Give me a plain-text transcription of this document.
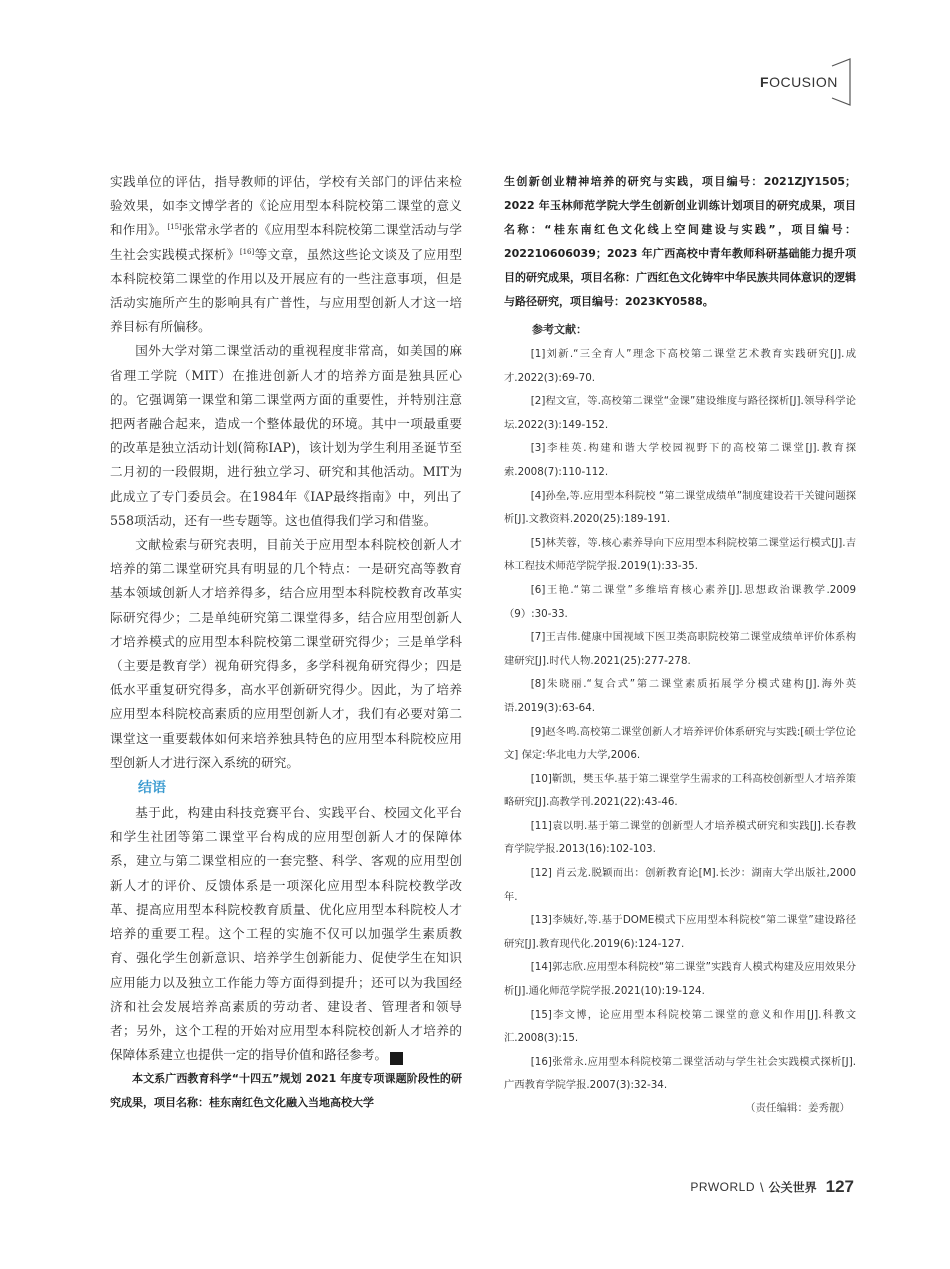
FOCUSION

实践单位的评估，指导教师的评估，学校有关部门的评估来检验效果，如李文博学者的《论应用型本科院校第二课堂的意义和作用》。[15]张常永学者的《应用型本科院校第二课堂活动与学生社会实践模式探析》[16]等文章，虽然这些论文谈及了应用型本科院校第二课堂的作用以及开展应有的一些注意事项，但是活动实施所产生的影响具有广普性，与应用型创新人才这一培养目标有所偏移。

国外大学对第二课堂活动的重视程度非常高，如美国的麻省理工学院（MIT）在推进创新人才的培养方面是独具匠心的。它强调第一课堂和第二课堂两方面的重要性，并特别注意把两者融合起来，造成一个整体最优的环境。其中一项最重要的改革是独立活动计划(简称IAP)，该计划为学生利用圣诞节至二月初的一段假期，进行独立学习、研究和其他活动。MIT为此成立了专门委员会。在1984年《IAP最终指南》中，列出了558项活动，还有一些专题等。这也值得我们学习和借鉴。

文献检索与研究表明，目前关于应用型本科院校创新人才培养的第二课堂研究具有明显的几个特点：一是研究高等教育基本领域创新人才培养得多，结合应用型本科院校教育改革实际研究得少；二是单纯研究第二课堂得多，结合应用型创新人才培养模式的应用型本科院校第二课堂研究得少；三是单学科（主要是教育学）视角研究得多，多学科视角研究得少；四是低水平重复研究得多，高水平创新研究得少。因此，为了培养应用型本科院校高素质的应用型创新人才，我们有必要对第二课堂这一重要载体如何来培养独具特色的应用型本科院校应用型创新人才进行深入系统的研究。

结语

基于此，构建由科技竞赛平台、实践平台、校园文化平台和学生社团等第二课堂平台构成的应用型创新人才的保障体系，建立与第二课堂相应的一套完整、科学、客观的应用型创新人才的评价、反馈体系是一项深化应用型本科院校教学改革、提高应用型本科院校教育质量、优化应用型本科院校人才培养的重要工程。这个工程的实施不仅可以加强学生素质教育、强化学生创新意识、培养学生创新能力、促使学生在知识应用能力以及独立工作能力等方面得到提升；还可以为我国经济和社会发展培养高素质的劳动者、建设者、管理者和领导者；另外，这个工程的开始对应用型本科院校创新人才培养的保障体系建立也提供一定的指导价值和路径参考。	PR

本文系广西教育科学“十四五”规划 2021 年度专项课题阶段性的研究成果，项目名称：桂东南红色文化融入当地高校大学

生创新创业精神培养的研究与实践，项目编号：2021ZJY1505；2022 年玉林师范学院大学生创新创业训练计划项目的研究成果，项目名称：“桂东南红色文化线上空间建设与实践”，项目编号：202210606039；2023 年广西高校中青年教师科研基础能力提升项目的研究成果，项目名称：广西红色文化铸牢中华民族共同体意识的逻辑与路径研究，项目编号：2023KY0588。

参考文献：

[1]刘新.“三全育人”理念下高校第二课堂艺术教育实践研究[J].成才.2022(3):69-70.

[2]程文宣，等.高校第二课堂“金课”建设维度与路径探析[J].领导科学论坛.2022(3):149-152.

[3]李桂英.构建和谐大学校园视野下的高校第二课堂[J].教育探索.2008(7):110-112.

[4]孙垒,等.应用型本科院校 “第二课堂成绩单”制度建设若干关键问题探析[J].文教资料.2020(25):189-191.

[5]林芙蓉，等.核心素养导向下应用型本科院校第二课堂运行模式[J].吉林工程技术师范学院学报.2019(1):33-35.

[6]王艳.“第二课堂”多维培育核心素养[J].思想政治课教学.2009（9）:30-33.

[7]王吉伟.健康中国视域下医卫类高职院校第二课堂成绩单评价体系构建研究[J].时代人物.2021(25):277-278.

[8]朱晓丽.“复合式”第二课堂素质拓展学分模式建构[J].海外英语.2019(3):63-64.

[9]赵冬鸣.高校第二课堂创新人才培养评价体系研究与实践:[硕士学位论文] 保定:华北电力大学,2006.

[10]靳凯，樊玉华.基于第二课堂学生需求的工科高校创新型人才培养策略研究[J].高教学刊.2021(22):43-46.

[11]袁以明.基于第二课堂的创新型人才培养模式研究和实践[J].长春教育学院学报.2013(16):102-103.

[12] 肖云龙.脱颖而出：创新教育论[M].长沙：湖南大学出版社,2000年.

[13]李姨好,等.基于DOME模式下应用型本科院校“第二课堂”建设路径研究[J].教育现代化.2019(6):124-127.

[14]郭志欣.应用型本科院校“第二课堂”实践育人模式构建及应用效果分析[J].通化师范学院学报.2021(10):19-124.

[15]李文博，论应用型本科院校第二课堂的意义和作用[J].科教文汇.2008(3):15.

[16]张常永.应用型本科院校第二课堂活动与学生社会实践模式探析[J].广西教育学院学报.2007(3):32-34.

（责任编辑：姜秀靓）
PRWORLD \ 公关世界 127
